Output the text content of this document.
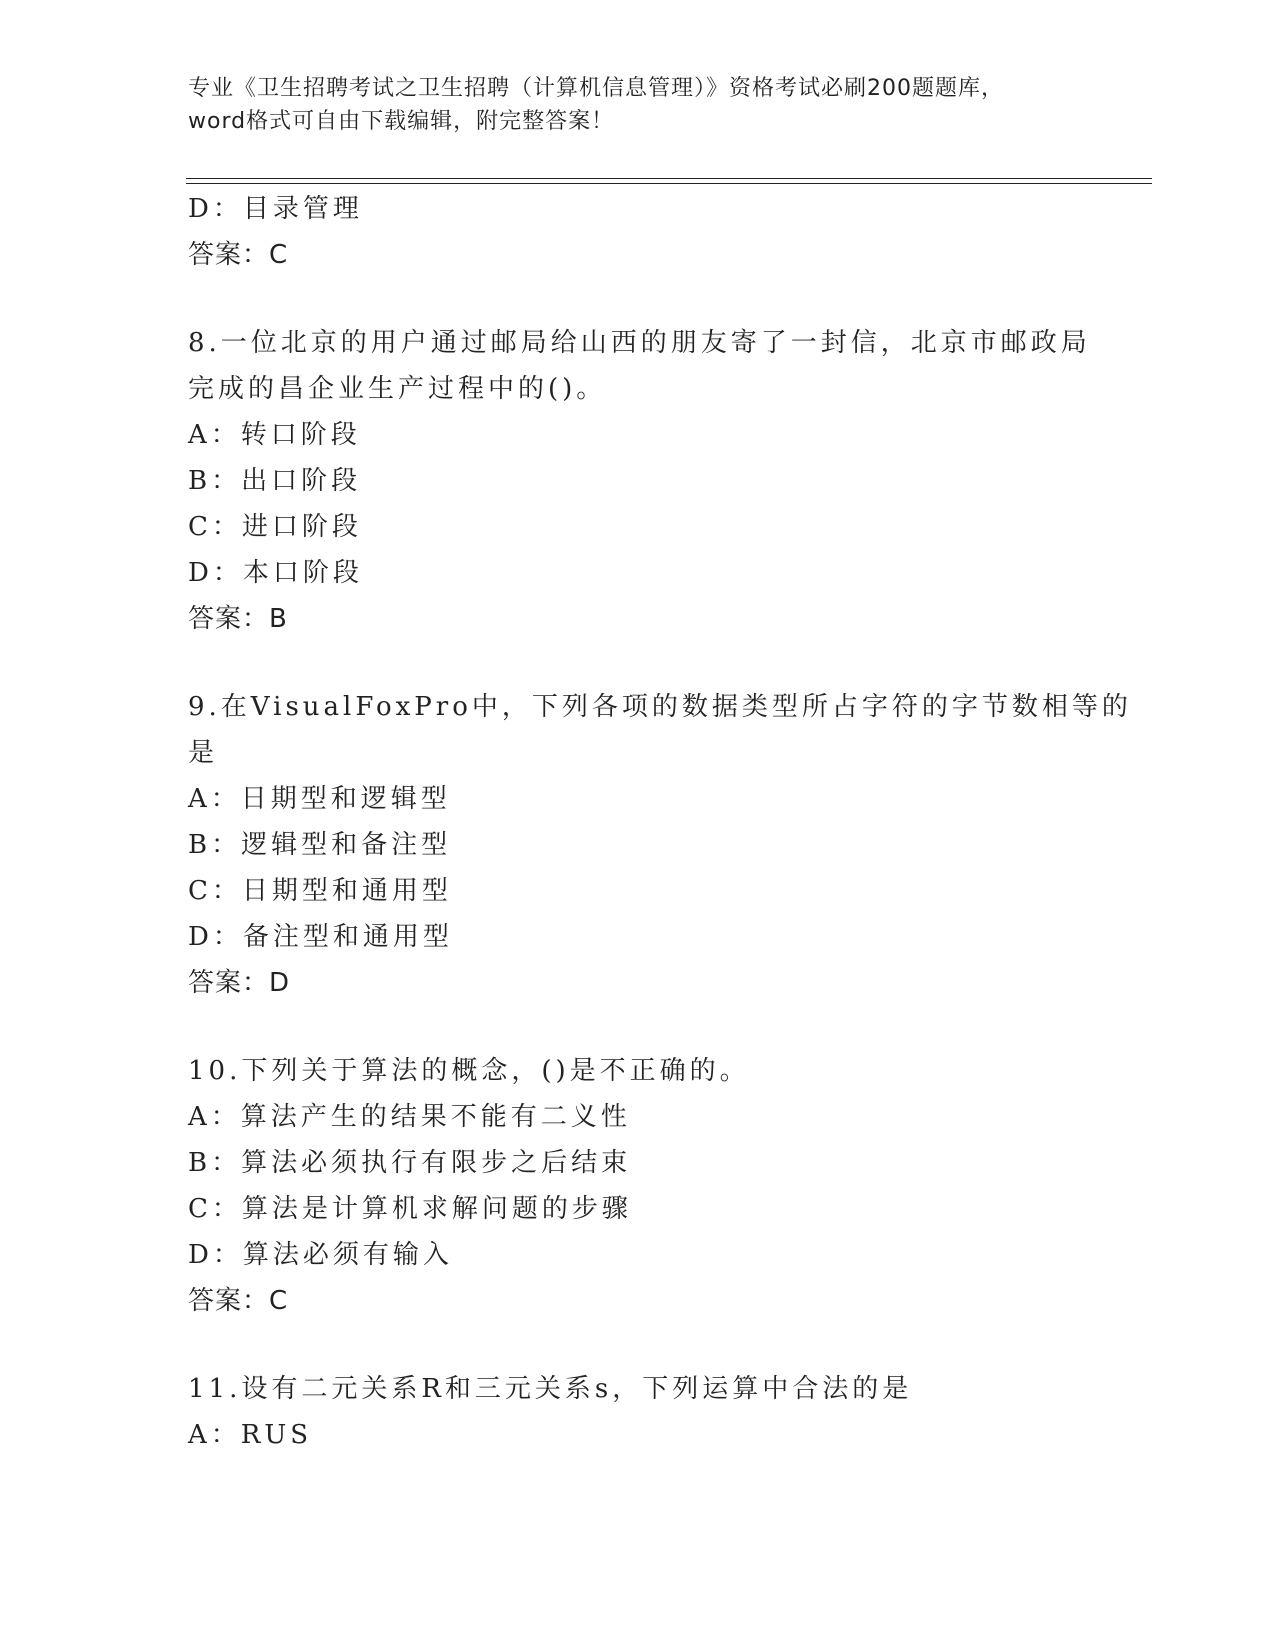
专业《卫生招聘考试之卫生招聘（计算机信息管理）》资格考试必刷200题题库，
word格式可自由下载编辑，附完整答案！
D：目录管理
答案：C
8.一位北京的用户通过邮局给山西的朋友寄了一封信，北京市邮政局
完成的昌企业生产过程中的()。
A：转口阶段
B：出口阶段
C：进口阶段
D：本口阶段
答案：B
9.在VisualFoxPro中，下列各项的数据类型所占字符的字节数相等的
是
A：日期型和逻辑型
B：逻辑型和备注型
C：日期型和通用型
D：备注型和通用型
答案：D
10.下列关于算法的概念，()是不正确的。
A：算法产生的结果不能有二义性
B：算法必须执行有限步之后结束
C：算法是计算机求解问题的步骤
D：算法必须有输入
答案：C
11.设有二元关系R和三元关系s，下列运算中合法的是
A：RUS
